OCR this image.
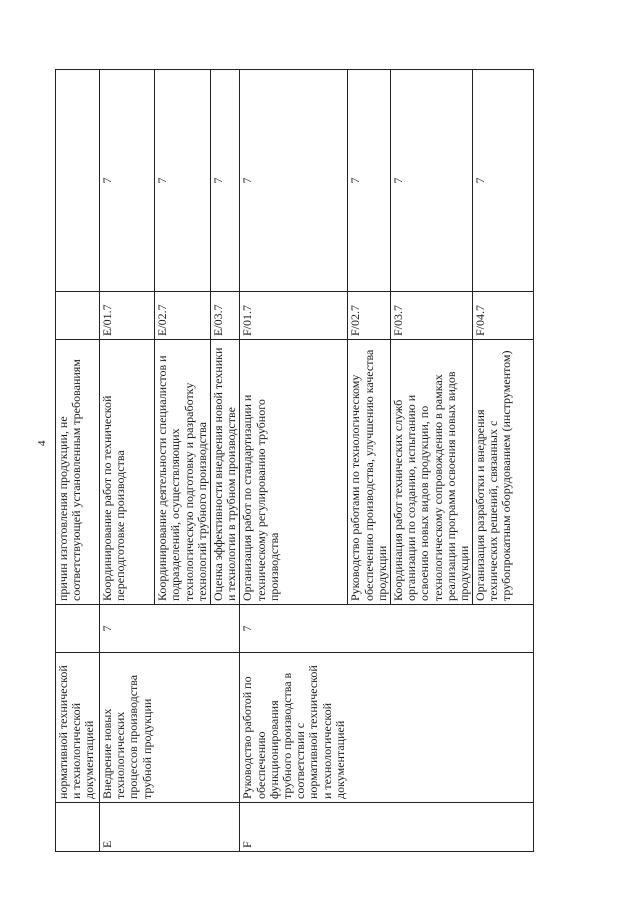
4
	нормативной технической и технологической документацией		причин изготовления продукции, не соответствующей установленным требованиям		
E	Внедрение новых технологических процессов производства трубной продукции	7	Координирование работ по технической переподготовке производства	E/01.7	7
			Координирование деятельности специалистов и подразделений, осуществляющих технологическую подготовку и разработку технологий трубного производства	E/02.7	7
			Оценка эффективности внедрения новой техники и технологии в трубном производстве	E/03.7	7
F	Руководство работой по обеспечению функционирования трубного производства в соответствии с нормативной технической и технологической документацией	7	Организация работ по стандартизации и техническому регулированию трубного производства	F/01.7	7
			Руководство работами по технологическому обеспечению производства, улучшению качества продукции	F/02.7	7
			Координация работ технических служб организации по созданию, испытанию и освоению новых видов продукции, по технологическому сопровождению в рамках реализации программ освоения новых видов продукции	F/03.7	7
			Организация разработки и внедрения технических решений, связанных с трубопрокатным оборудованием (инструментом)	F/04.7	7
